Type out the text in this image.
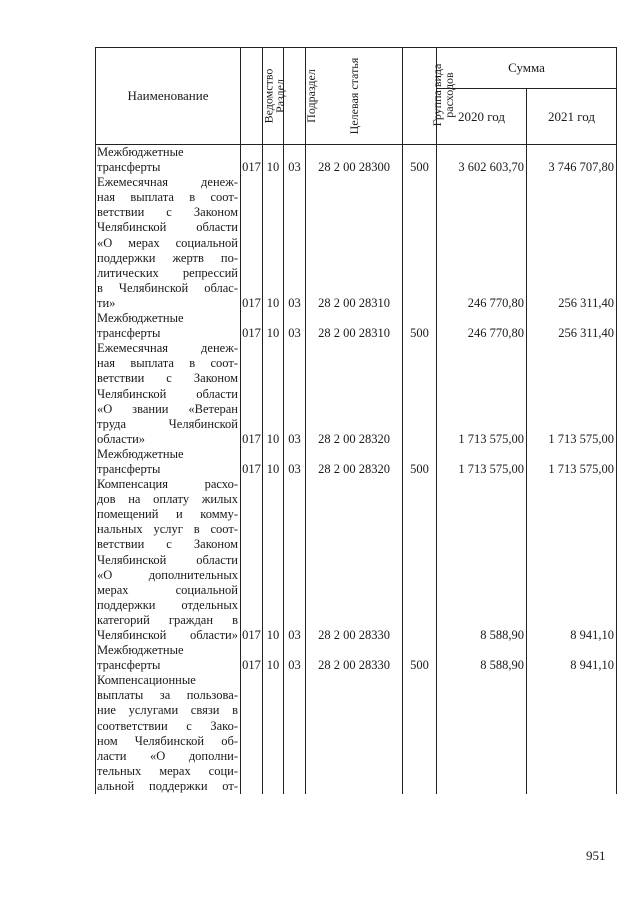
Наименование	Ведомство	Раздел	Подраздел	Целевая статья	Группа вида расходов	Сумма	
						2020 год	2021 год
Межбюджетные							
трансферты	017	10	03	28 2 00 28300	500	3 602 603,70	3 746 707,80
Ежемесячная денеж-							
ная выплата в соот-							
ветствии с Законом							
Челябинской области							
«О мерах социальной							
поддержки жертв по-							
литических репрессий							
в Челябинской облас-							
ти»	017	10	03	28 2 00 28310		246 770,80	256 311,40
Межбюджетные							
трансферты	017	10	03	28 2 00 28310	500	246 770,80	256 311,40
Ежемесячная денеж-							
ная выплата в соот-							
ветствии с Законом							
Челябинской области							
«О звании «Ветеран							
труда Челябинской							
области»	017	10	03	28 2 00 28320		1 713 575,00	1 713 575,00
Межбюджетные							
трансферты	017	10	03	28 2 00 28320	500	1 713 575,00	1 713 575,00
Компенсация расхо-							
дов на оплату жилых							
помещений и комму-							
нальных услуг в соот-							
ветствии с Законом							
Челябинской области							
«О дополнительных							
мерах социальной							
поддержки отдельных							
категорий граждан в							
Челябинской области»	017	10	03	28 2 00 28330		8 588,90	8 941,10
Межбюджетные							
трансферты	017	10	03	28 2 00 28330	500	8 588,90	8 941,10
Компенсационные							
выплаты за пользова-							
ние услугами связи в							
соответствии с Зако-							
ном Челябинской об-							
ласти «О дополни-							
тельных мерах соци-							
альной поддержки от-							
951
